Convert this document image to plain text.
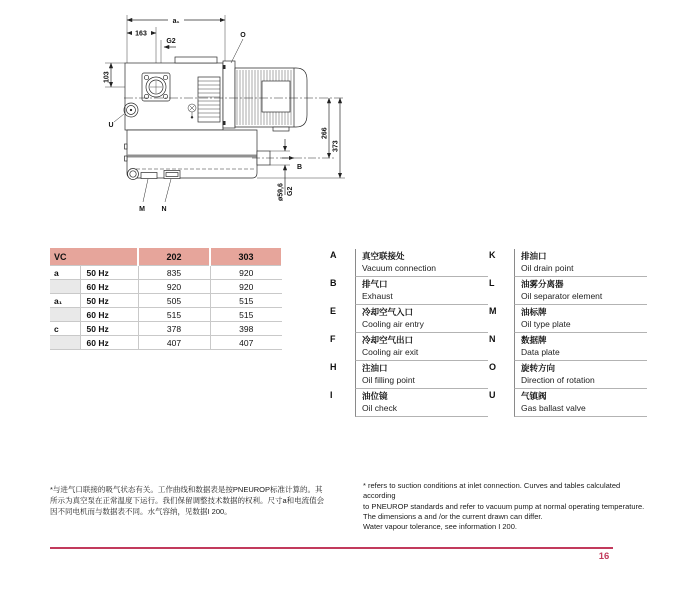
a₁
163
G2
O
103
U
B
M N
266
373
ø59,6 G2
VC		202	303
a	50 Hz	835	920
	60 Hz	920	920
a₁	50 Hz	505	515
	60 Hz	515	515
c	50 Hz	378	398
	60 Hz	407	407
A	真空联接处
Vacuum connection
B	排气口
Exhaust
E	冷却空气入口
Cooling air entry
F	冷却空气出口
Cooling air exit
H	注油口
Oil filling point
I	油位镜
Oil check
K	排油口
Oil drain point
L	油雾分离器
Oil separator element
M	油标牌
Oil type plate
N	数据牌
Data plate
O	旋转方向
Direction of rotation
U	气镇阀
Gas ballast valve
*与进气口联接的吸气状态有关。工作曲线和数据表是按PNEUROP标准计算的。其
所示为真空泵在正常温度下运行。我们保留调整技术数据的权利。尺寸a和电流值会
因不同电机而与数据表不同。水气容纳，见数据I 200。
* refers to suction conditions at inlet connection. Curves and tables calculated according
to PNEUROP standards and refer to vacuum pump at normal operating temperature.
The dimensions a and /or the current drawn can differ.
Water vapour tolerance, see information I 200.
16
